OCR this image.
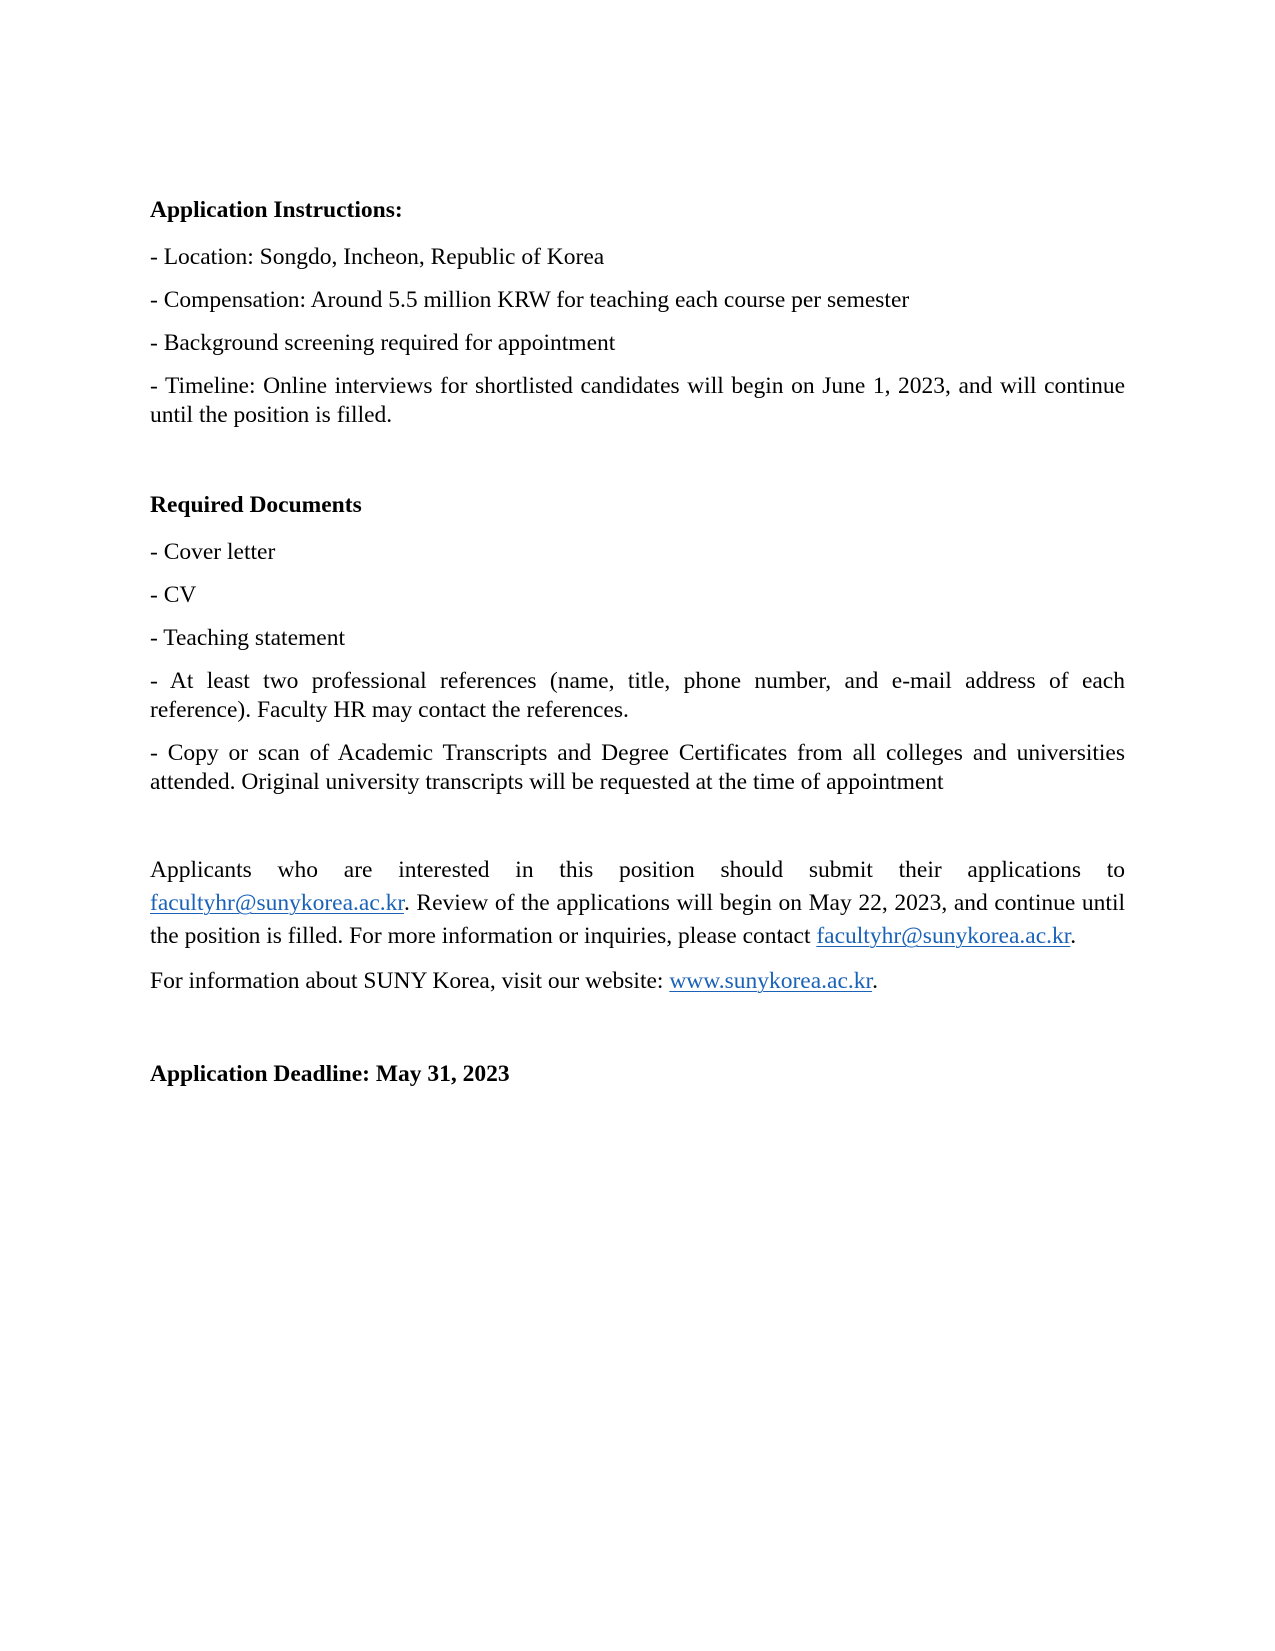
Application Instructions:

- Location: Songdo, Incheon, Republic of Korea

- Compensation: Around 5.5 million KRW for teaching each course per semester

- Background screening required for appointment

- Timeline: Online interviews for shortlisted candidates will begin on June 1, 2023, and will continue until the position is filled.

Required Documents

- Cover letter

- CV

- Teaching statement

- At least two professional references (name, title, phone number, and e-mail address of each reference). Faculty HR may contact the references.

- Copy or scan of Academic Transcripts and Degree Certificates from all colleges and universities attended. Original university transcripts will be requested at the time of appointment

Applicants who are interested in this position should submit their applications to facultyhr@sunykorea.ac.kr. Review of the applications will begin on May 22, 2023, and continue until the position is filled. For more information or inquiries, please contact facultyhr@sunykorea.ac.kr.

For information about SUNY Korea, visit our website: www.sunykorea.ac.kr.

Application Deadline: May 31, 2023
